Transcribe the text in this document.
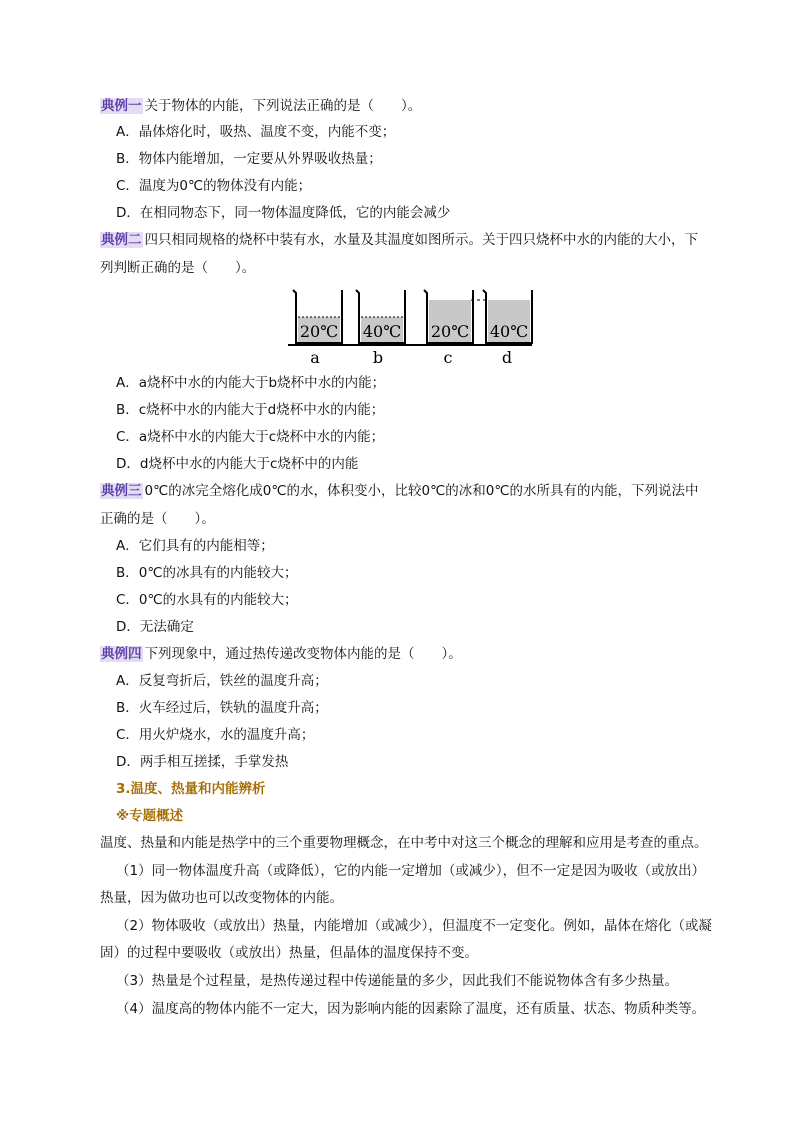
典例一 关于物体的内能，下列说法正确的是（　　）。
A．晶体熔化时，吸热、温度不变，内能不变；
B．物体内能增加，一定要从外界吸收热量；
C．温度为0℃的物体没有内能；
D．在相同物态下，同一物体温度降低，它的内能会减少
典例二 四只相同规格的烧杯中装有水，水量及其温度如图所示。关于四只烧杯中水的内能的大小，下
列判断正确的是（　　）。
20℃
a
40℃
b
20℃
c
40℃
d
A．a烧杯中水的内能大于b烧杯中水的内能；
B．c烧杯中水的内能大于d烧杯中水的内能；
C．a烧杯中水的内能大于c烧杯中水的内能；
D．d烧杯中水的内能大于c烧杯中的内能
典例三 0℃的冰完全熔化成0℃的水，体积变小，比较0℃的冰和0℃的水所具有的内能，下列说法中
正确的是（　　）。
A．它们具有的内能相等；
B．0℃的冰具有的内能较大；
C．0℃的水具有的内能较大；
D．无法确定
典例四 下列现象中，通过热传递改变物体内能的是（　　）。
A．反复弯折后，铁丝的温度升高；
B．火车经过后，铁轨的温度升高；
C．用火炉烧水，水的温度升高；
D．两手相互搓揉，手掌发热
3.温度、热量和内能辨析
※专题概述
温度、热量和内能是热学中的三个重要物理概念，在中考中对这三个概念的理解和应用是考查的重点。
（1）同一物体温度升高（或降低），它的内能一定增加（或减少），但不一定是因为吸收（或放出）
热量，因为做功也可以改变物体的内能。
（2）物体吸收（或放出）热量，内能增加（或减少），但温度不一定变化。例如，晶体在熔化（或凝
固）的过程中要吸收（或放出）热量，但晶体的温度保持不变。
（3）热量是个过程量，是热传递过程中传递能量的多少，因此我们不能说物体含有多少热量。
（4）温度高的物体内能不一定大，因为影响内能的因素除了温度，还有质量、状态、物质种类等。
